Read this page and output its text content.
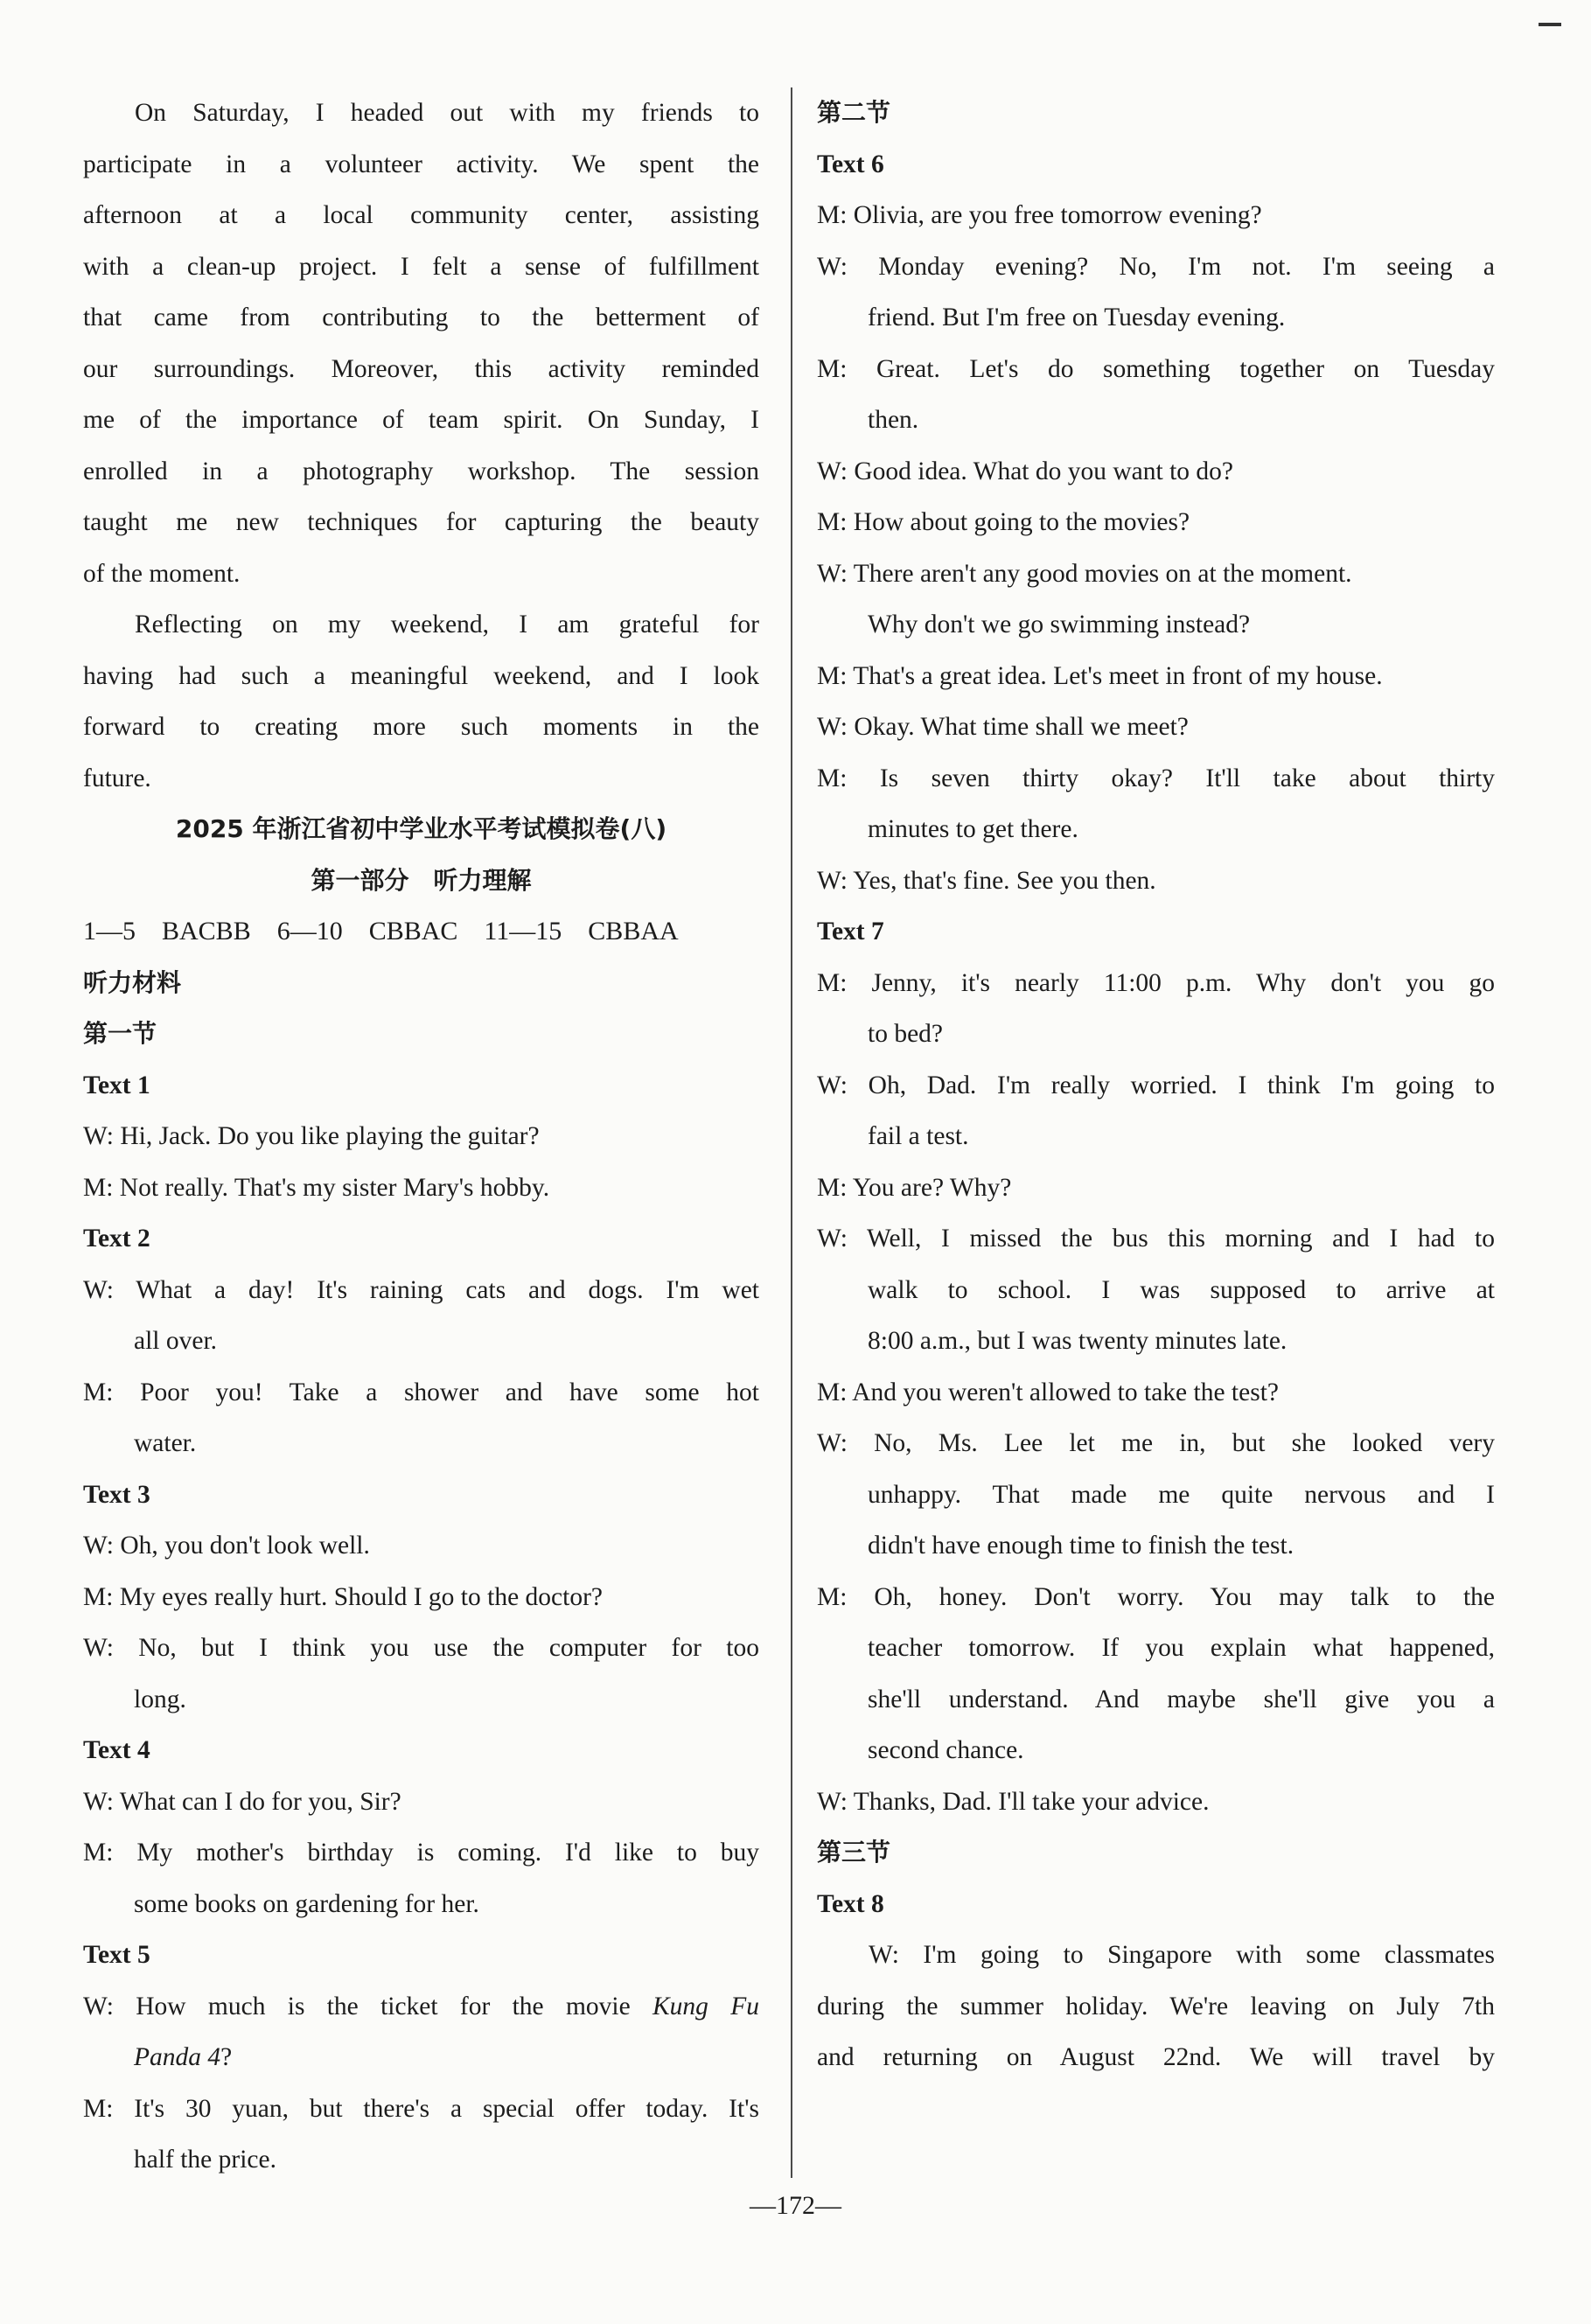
On Saturday, I headed out with my friends to
participate in a volunteer activity. We spent the
afternoon at a local community center, assisting
with a clean-up project. I felt a sense of fulfillment
that came from contributing to the betterment of
our surroundings. Moreover, this activity reminded
me of the importance of team spirit. On Sunday, I
enrolled in a photography workshop. The session
taught me new techniques for capturing the beauty
of the moment.
Reflecting on my weekend, I am grateful for
having had such a meaningful weekend, and I look
forward to creating more such moments in the
future.
2025 年浙江省初中学业水平考试模拟卷(八)
第一部分　听力理解
1—5　BACBB　6—10　CBBAC　11—15　CBBAA
听力材料
第一节
Text 1
W: Hi, Jack. Do you like playing the guitar?
M: Not really. That's my sister Mary's hobby.
Text 2
W: What a day! It's raining cats and dogs. I'm wet
all over.
M: Poor you! Take a shower and have some hot
water.
Text 3
W: Oh, you don't look well.
M: My eyes really hurt. Should I go to the doctor?
W: No, but I think you use the computer for too
long.
Text 4
W: What can I do for you, Sir?
M: My mother's birthday is coming. I'd like to buy
some books on gardening for her.
Text 5
W: How much is the ticket for the movie Kung Fu
Panda 4?
M: It's 30 yuan, but there's a special offer today. It's
half the price.
第二节
Text 6
M: Olivia, are you free tomorrow evening?
W: Monday evening? No, I'm not. I'm seeing a
friend. But I'm free on Tuesday evening.
M: Great. Let's do something together on Tuesday
then.
W: Good idea. What do you want to do?
M: How about going to the movies?
W: There aren't any good movies on at the moment.
Why don't we go swimming instead?
M: That's a great idea. Let's meet in front of my house.
W: Okay. What time shall we meet?
M: Is seven thirty okay? It'll take about thirty
minutes to get there.
W: Yes, that's fine. See you then.
Text 7
M: Jenny, it's nearly 11:00 p.m. Why don't you go
to bed?
W: Oh, Dad. I'm really worried. I think I'm going to
fail a test.
M: You are? Why?
W: Well, I missed the bus this morning and I had to
walk to school. I was supposed to arrive at
8:00 a.m., but I was twenty minutes late.
M: And you weren't allowed to take the test?
W: No, Ms. Lee let me in, but she looked very
unhappy. That made me quite nervous and I
didn't have enough time to finish the test.
M: Oh, honey. Don't worry. You may talk to the
teacher tomorrow. If you explain what happened,
she'll understand. And maybe she'll give you a
second chance.
W: Thanks, Dad. I'll take your advice.
第三节
Text 8
W: I'm going to Singapore with some classmates
during the summer holiday. We're leaving on July 7th
and returning on August 22nd. We will travel by
—172—
